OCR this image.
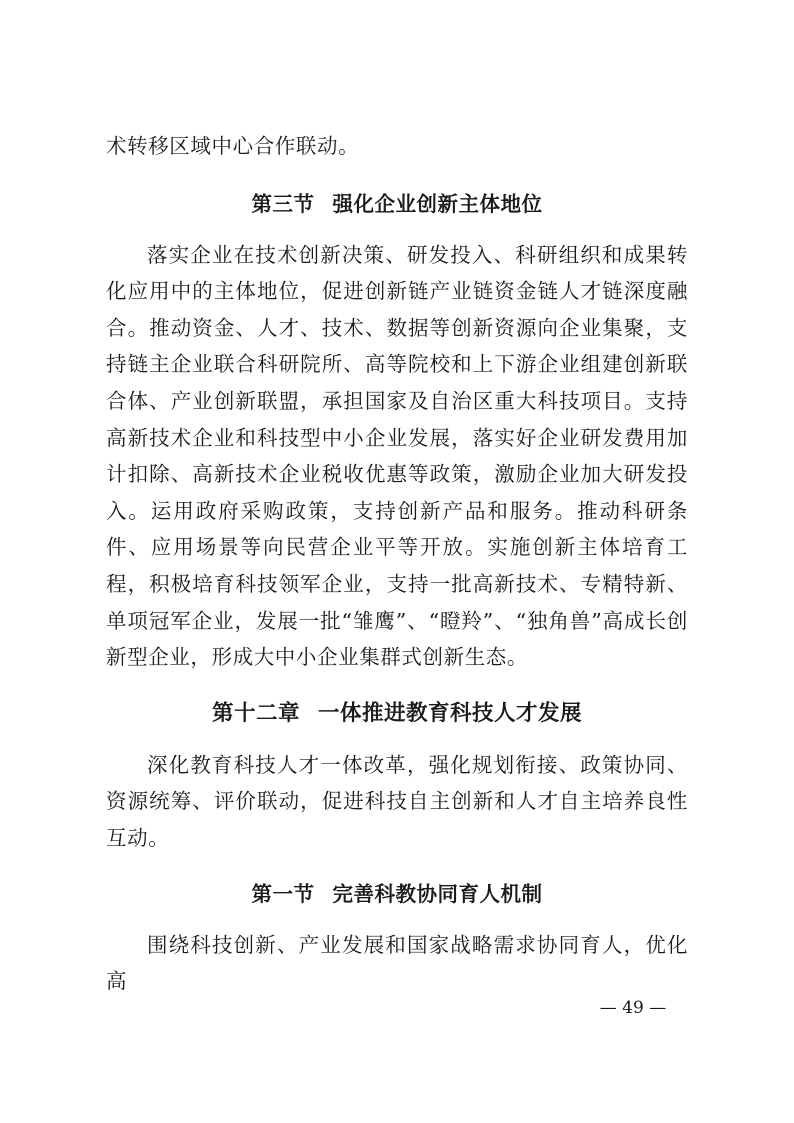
术转移区域中心合作联动。

第三节 强化企业创新主体地位

落实企业在技术创新决策、研发投入、科研组织和成果转化应用中的主体地位，促进创新链产业链资金链人才链深度融合。推动资金、人才、技术、数据等创新资源向企业集聚，支持链主企业联合科研院所、高等院校和上下游企业组建创新联合体、产业创新联盟，承担国家及自治区重大科技项目。支持高新技术企业和科技型中小企业发展，落实好企业研发费用加计扣除、高新技术企业税收优惠等政策，激励企业加大研发投入。运用政府采购政策，支持创新产品和服务。推动科研条件、应用场景等向民营企业平等开放。实施创新主体培育工程，积极培育科技领军企业，支持一批高新技术、专精特新、单项冠军企业，发展一批“雏鹰”、“瞪羚”、“独角兽”高成长创新型企业，形成大中小企业集群式创新生态。

第十二章 一体推进教育科技人才发展

深化教育科技人才一体改革，强化规划衔接、政策协同、资源统筹、评价联动，促进科技自主创新和人才自主培养良性互动。

第一节 完善科教协同育人机制

围绕科技创新、产业发展和国家战略需求协同育人，优化高

— 49 —
